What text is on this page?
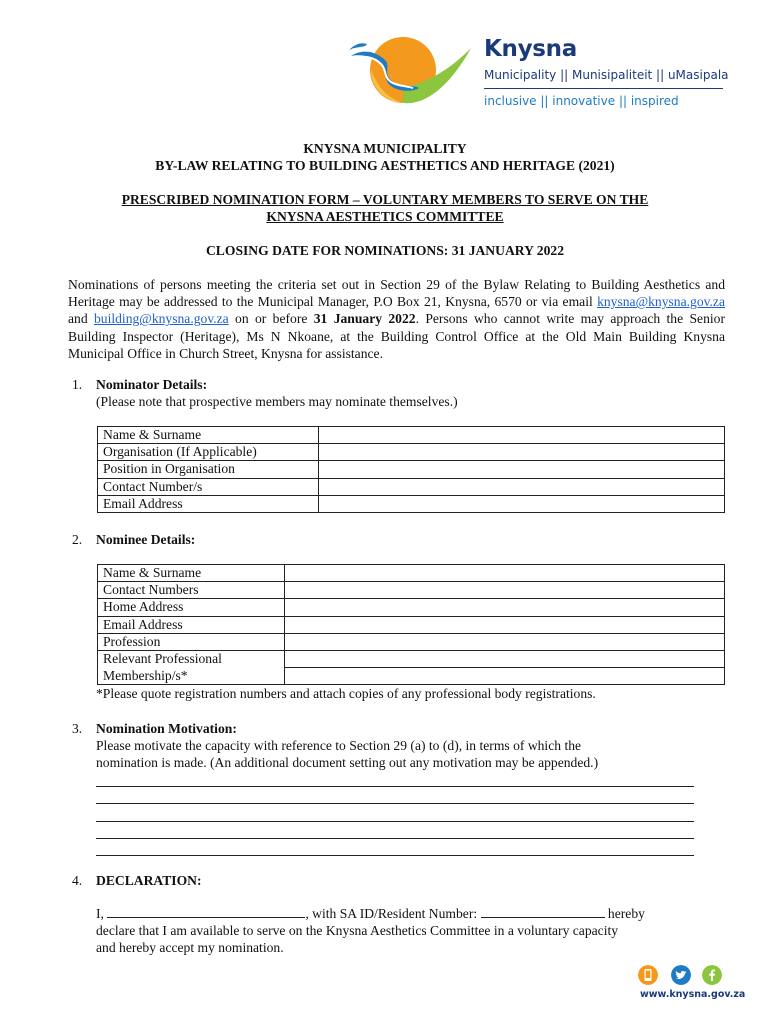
Knysna
Municipality || Munisipaliteit || uMasipala
inclusive || innovative || inspired
KNYSNA MUNICIPALITY
BY-LAW RELATING TO BUILDING AESTHETICS AND HERITAGE (2021)
PRESCRIBED NOMINATION FORM – VOLUNTARY MEMBERS TO SERVE ON THE
KNYSNA AESTHETICS COMMITTEE
CLOSING DATE FOR NOMINATIONS: 31 JANUARY 2022
Nominations of persons meeting the criteria set out in Section 29 of the Bylaw Relating to Building Aesthetics and Heritage may be addressed to the Municipal Manager, P.O Box 21, Knysna, 6570 or via email knysna@knysna.gov.za and building@knysna.gov.za on or before 31 January 2022. Persons who cannot write may approach the Senior Building Inspector (Heritage), Ms N Nkoane, at the Building Control Office at the Old Main Building Knysna Municipal Office in Church Street, Knysna for assistance.
1. Nominator Details:
(Please note that prospective members may nominate themselves.)
Name & Surname	
Organisation (If Applicable)	
Position in Organisation	
Contact Number/s	
Email Address	
2. Nominee Details:
Name & Surname	
Contact Numbers	
Home Address	
Email Address	
Profession	
Relevant Professional	
Membership/s*	
*Please quote registration numbers and attach copies of any professional body registrations.
3. Nomination Motivation:
Please motivate the capacity with reference to Section 29 (a) to (d), in terms of which the
nomination is made. (An additional document setting out any motivation may be appended.)
4. DECLARATION:
I,	, with SA ID/Resident Number:	hereby
declare that I am available to serve on the Knysna Aesthetics Committee in a voluntary capacity
and hereby accept my nomination.
www.knysna.gov.za
